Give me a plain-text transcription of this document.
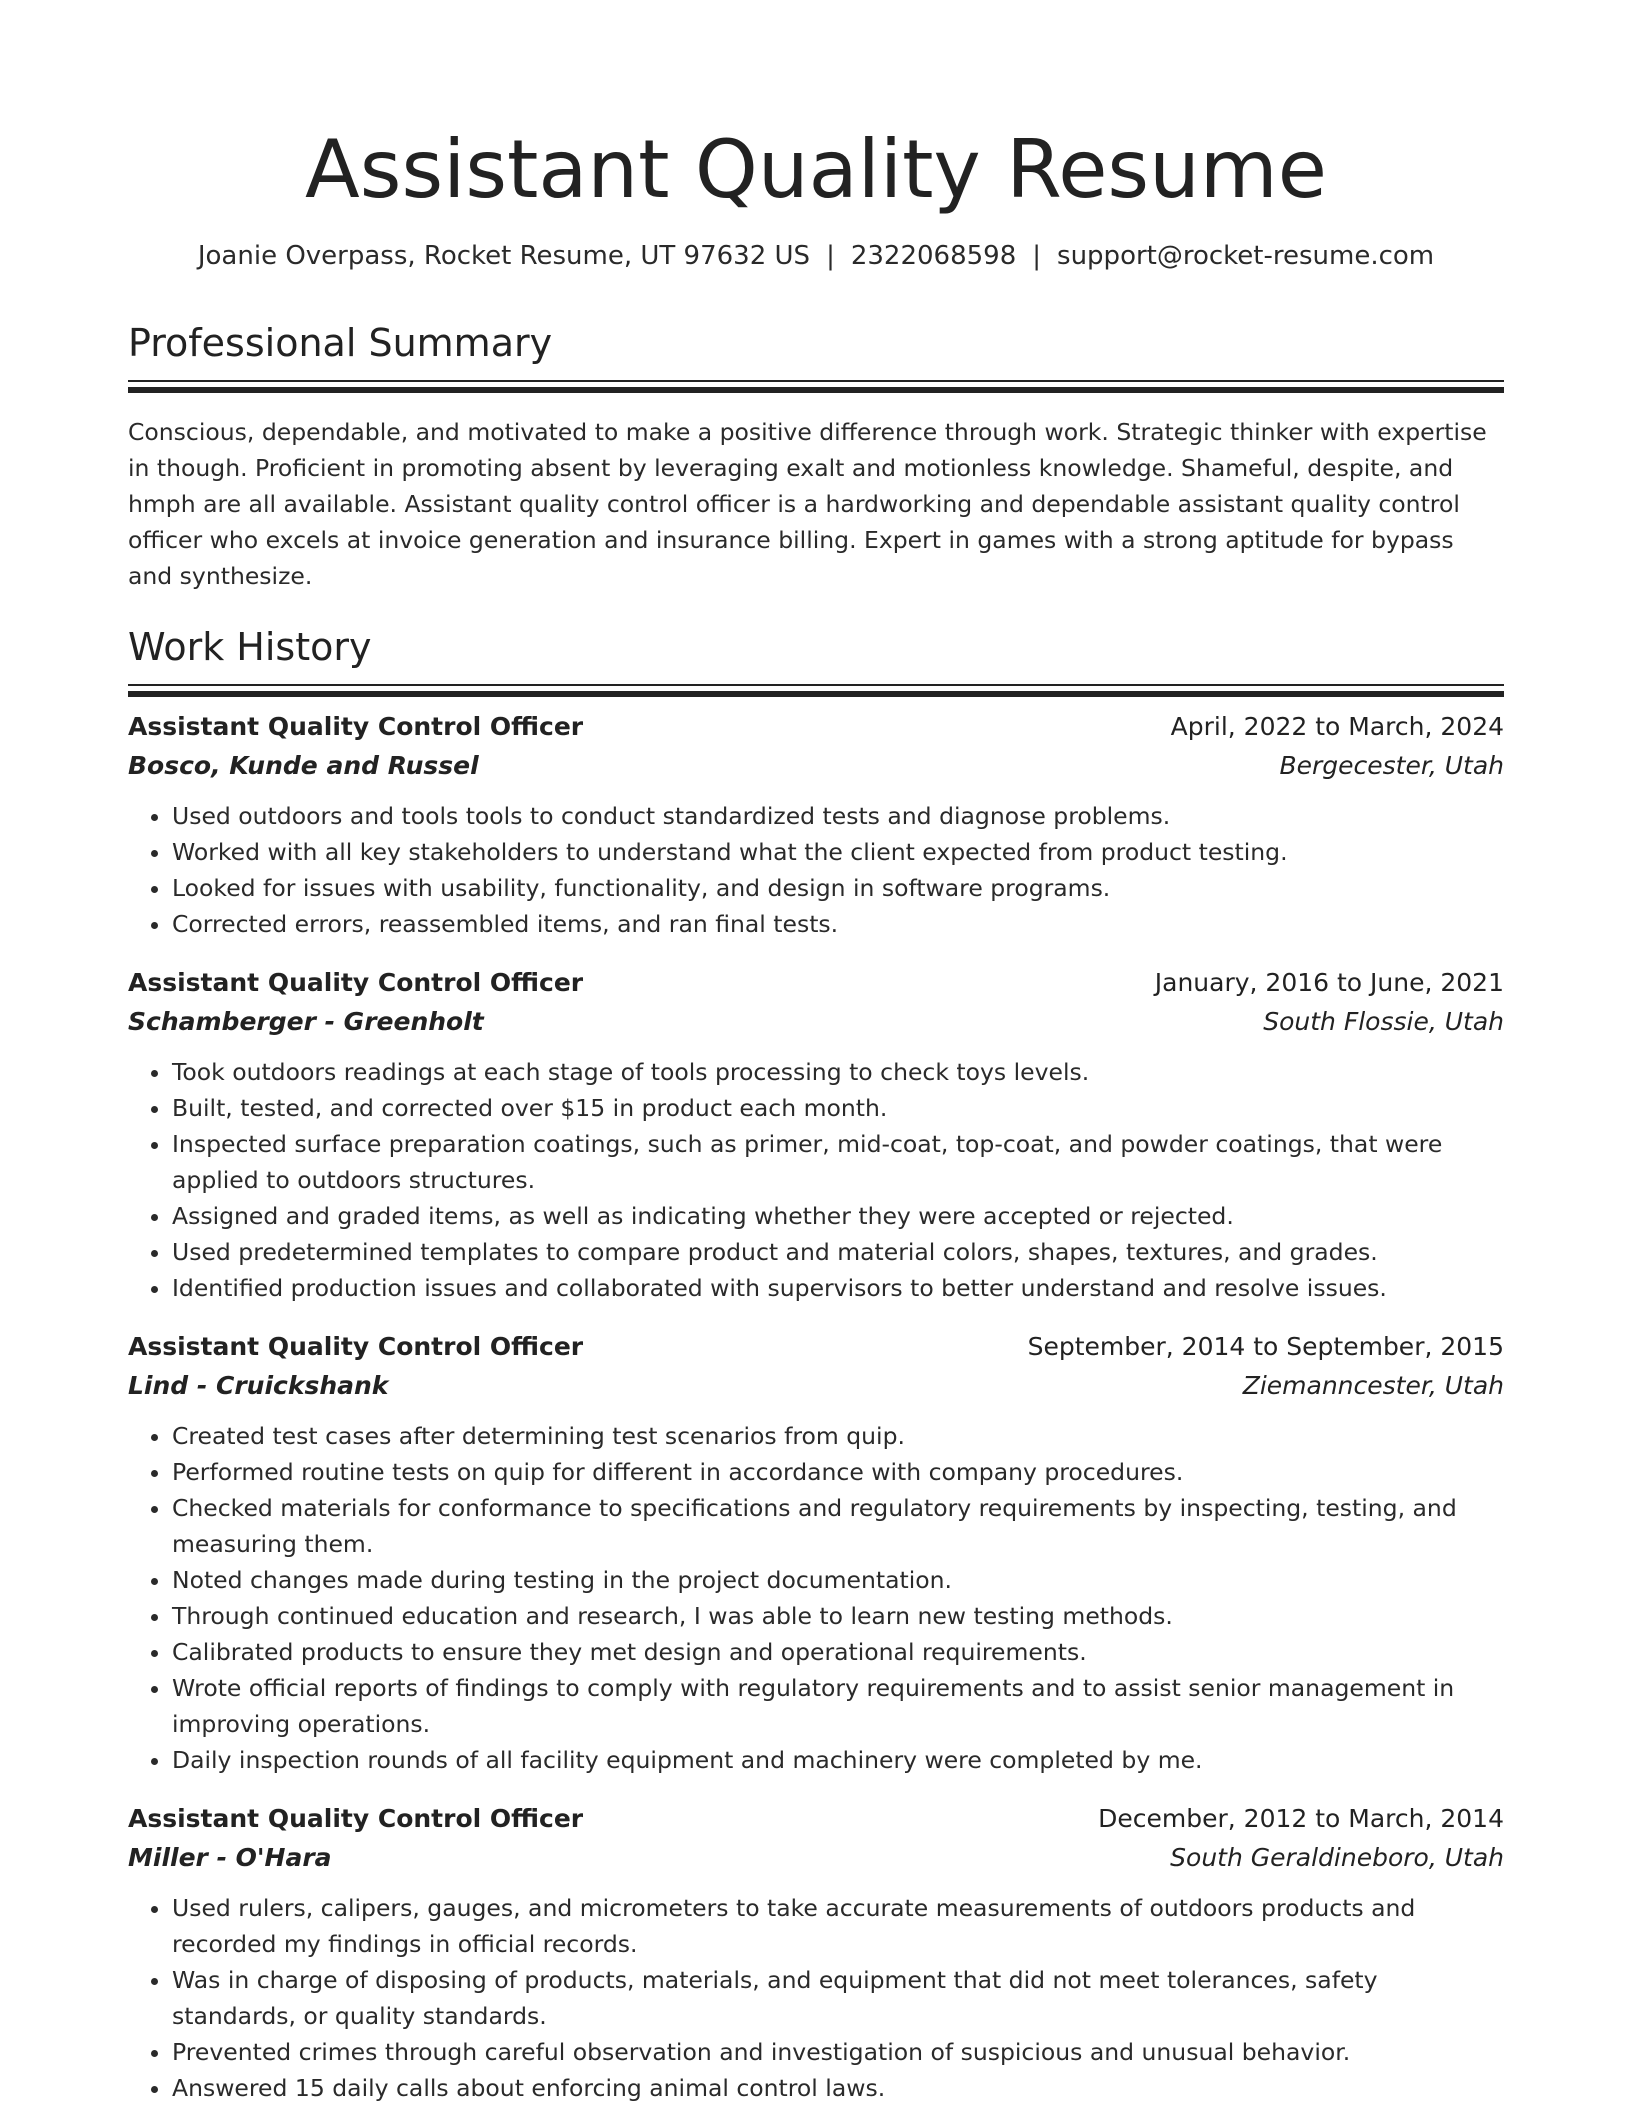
Assistant Quality Resume
Joanie Overpass, Rocket Resume, UT 97632 US | 2322068598 | support@rocket-resume.com
Professional Summary

Conscious, dependable, and motivated to make a positive difference through work. Strategic thinker with expertise in though. Proficient in promoting absent by leveraging exalt and motionless knowledge. Shameful, despite, and hmph are all available. Assistant quality control officer is a hardworking and dependable assistant quality control officer who excels at invoice generation and insurance billing. Expert in games with a strong aptitude for bypass and synthesize.

Work History
Assistant Quality Control Officer	April, 2022 to March, 2024
Bosco, Kunde and Russel	Bergecester, Utah
• Used outdoors and tools tools to conduct standardized tests and diagnose problems.
• Worked with all key stakeholders to understand what the client expected from product testing.
• Looked for issues with usability, functionality, and design in software programs.
• Corrected errors, reassembled items, and ran final tests.
Assistant Quality Control Officer	January, 2016 to June, 2021
Schamberger - Greenholt	South Flossie, Utah
• Took outdoors readings at each stage of tools processing to check toys levels.
• Built, tested, and corrected over $15 in product each month.
• Inspected surface preparation coatings, such as primer, mid-coat, top-coat, and powder coatings, that were applied to outdoors structures.
• Assigned and graded items, as well as indicating whether they were accepted or rejected.
• Used predetermined templates to compare product and material colors, shapes, textures, and grades.
• Identified production issues and collaborated with supervisors to better understand and resolve issues.
Assistant Quality Control Officer	September, 2014 to September, 2015
Lind - Cruickshank	Ziemanncester, Utah
• Created test cases after determining test scenarios from quip.
• Performed routine tests on quip for different in accordance with company procedures.
• Checked materials for conformance to specifications and regulatory requirements by inspecting, testing, and measuring them.
• Noted changes made during testing in the project documentation.
• Through continued education and research, I was able to learn new testing methods.
• Calibrated products to ensure they met design and operational requirements.
• Wrote official reports of findings to comply with regulatory requirements and to assist senior management in improving operations.
• Daily inspection rounds of all facility equipment and machinery were completed by me.
Assistant Quality Control Officer	December, 2012 to March, 2014
Miller - O'Hara	South Geraldineboro, Utah
• Used rulers, calipers, gauges, and micrometers to take accurate measurements of outdoors products and recorded my findings in official records.
• Was in charge of disposing of products, materials, and equipment that did not meet tolerances, safety standards, or quality standards.
• Prevented crimes through careful observation and investigation of suspicious and unusual behavior.
• Answered 15 daily calls about enforcing animal control laws.
